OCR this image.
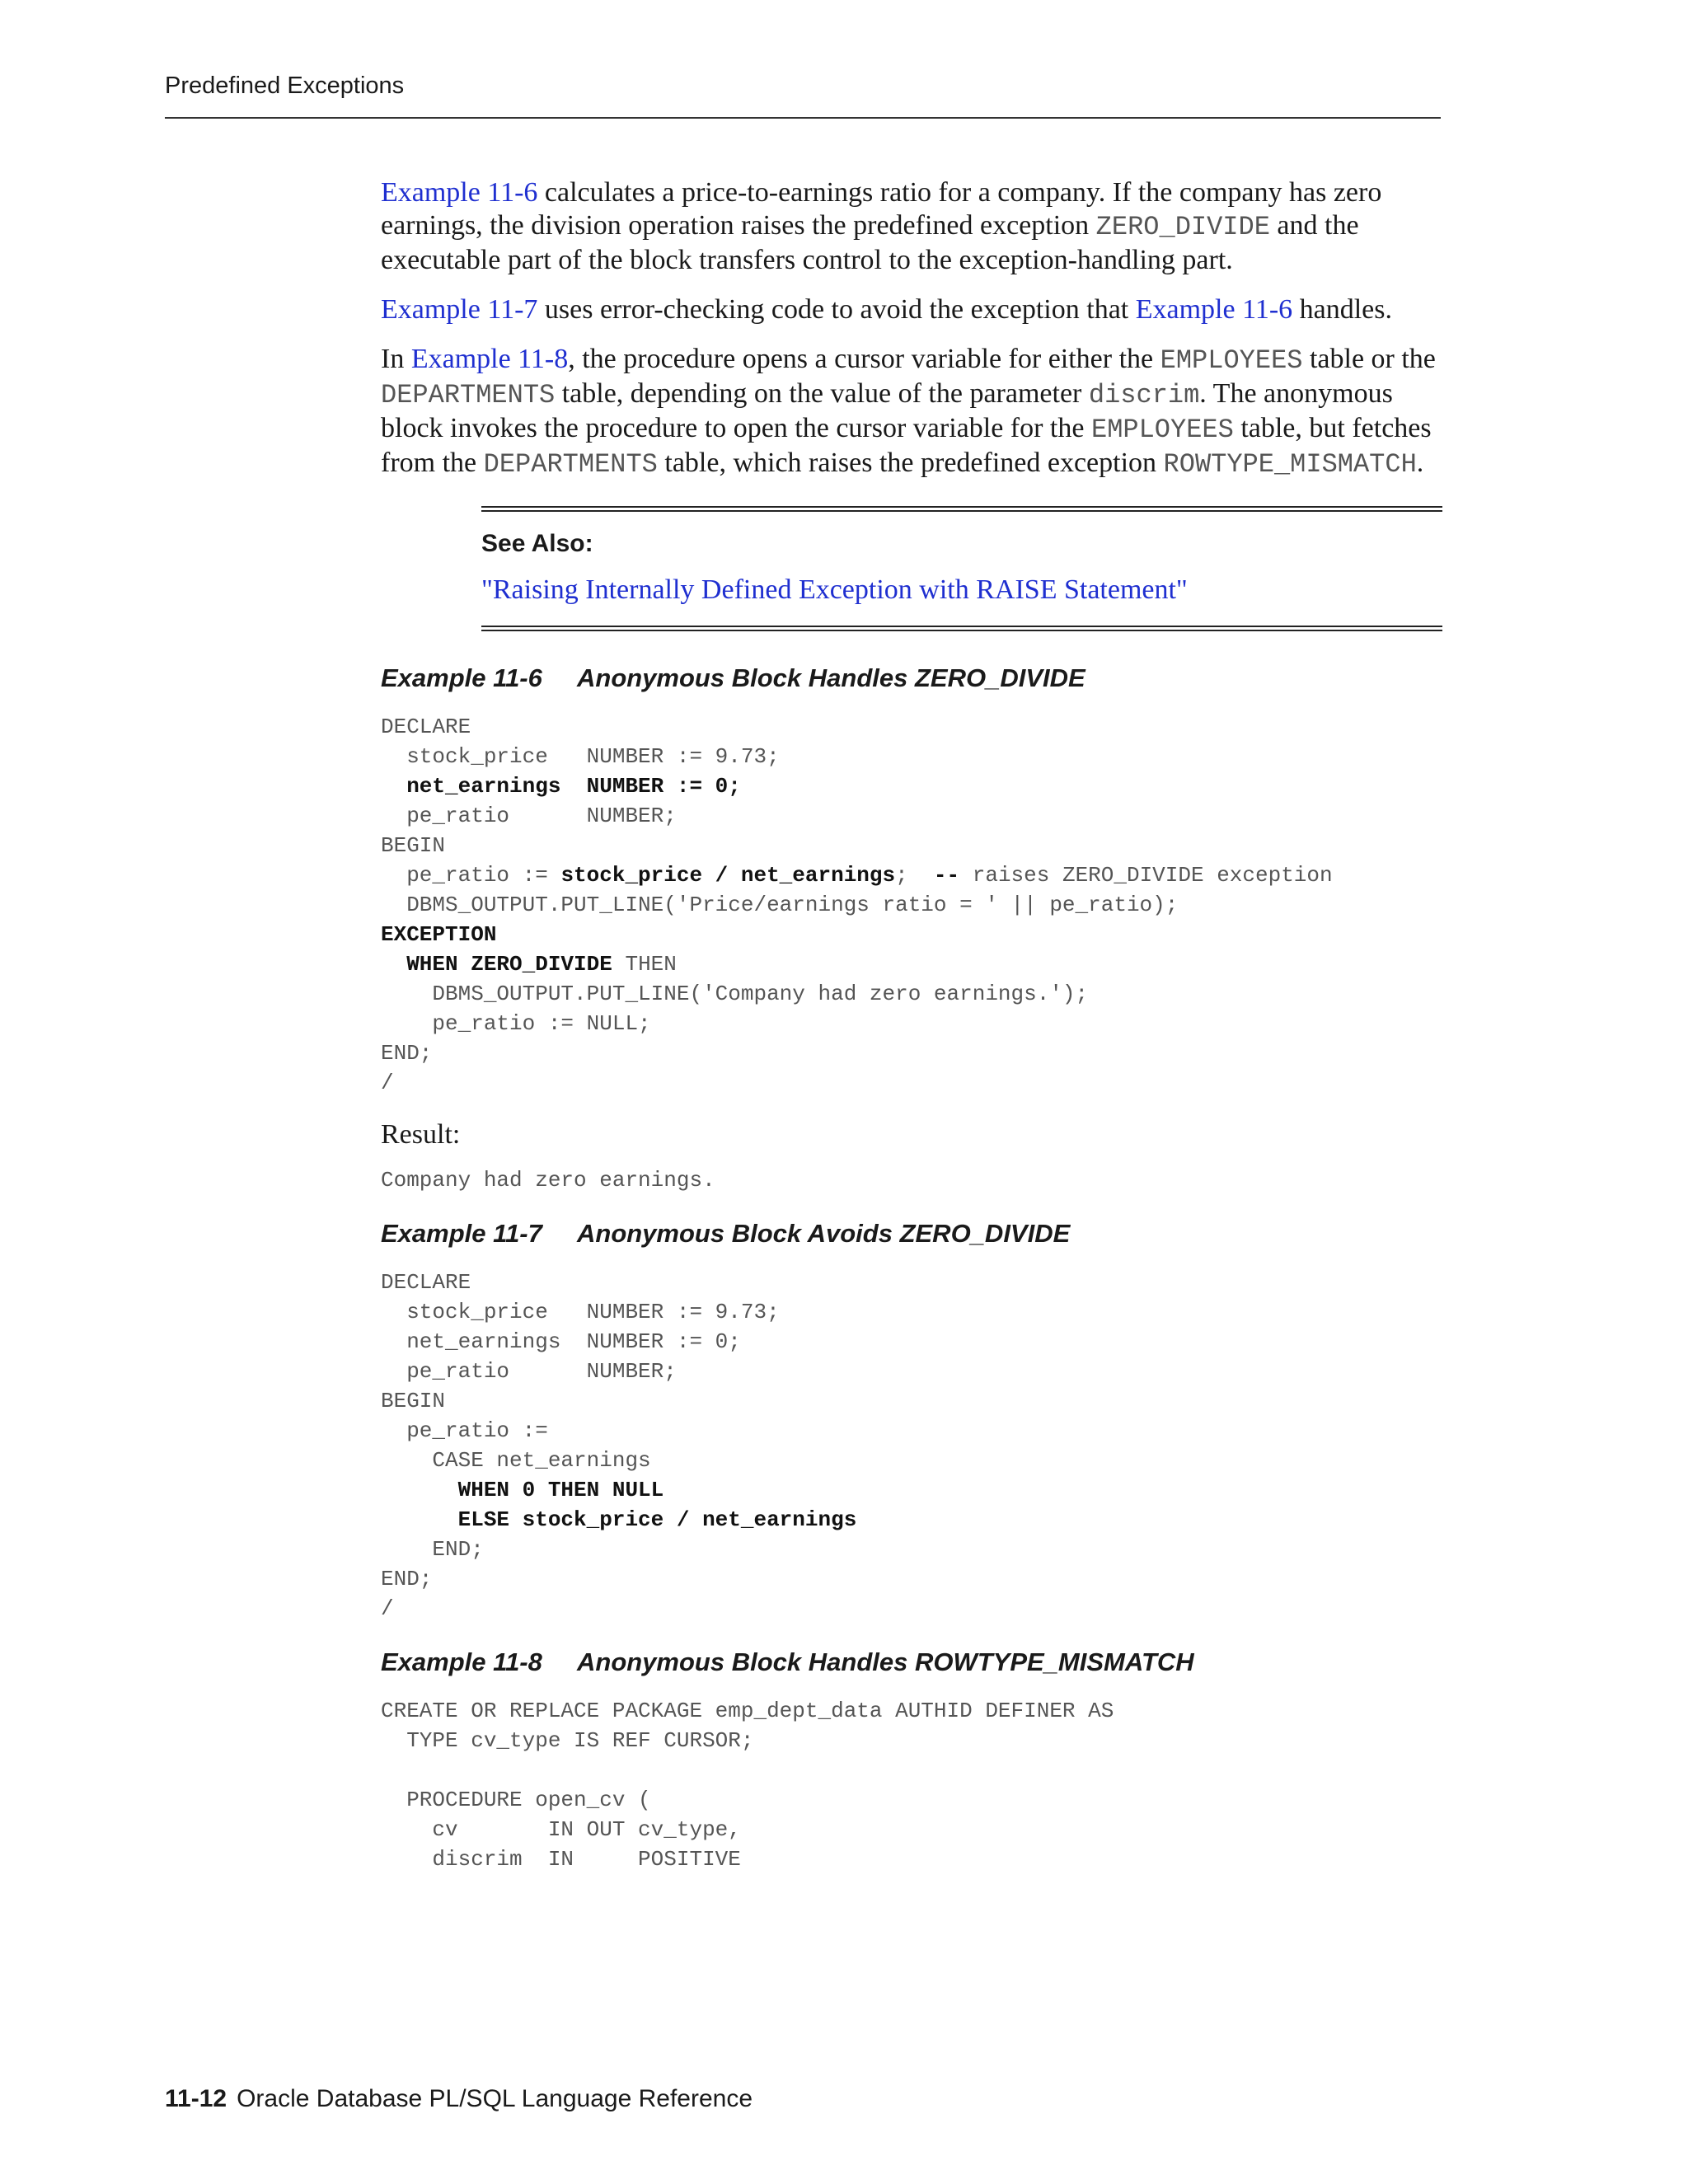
Predefined Exceptions

Example 11-6 calculates a price-to-earnings ratio for a company. If the company has zero earnings, the division operation raises the predefined exception ZERO_DIVIDE and the executable part of the block transfers control to the exception-handling part.

Example 11-7 uses error-checking code to avoid the exception that Example 11-6 handles.

In Example 11-8, the procedure opens a cursor variable for either the EMPLOYEES table or the DEPARTMENTS table, depending on the value of the parameter discrim. The anonymous block invokes the procedure to open the cursor variable for the EMPLOYEES table, but fetches from the DEPARTMENTS table, which raises the predefined exception ROWTYPE_MISMATCH.

See Also:
"Raising Internally Defined Exception with RAISE Statement"
Example 11-6 Anonymous Block Handles ZERO_DIVIDE
DECLARE
stock_price   NUMBER := 9.73;
net_earnings  NUMBER := 0;
pe_ratio      NUMBER;
BEGIN
pe_ratio := stock_price / net_earnings;  -- raises ZERO_DIVIDE exception
DBMS_OUTPUT.PUT_LINE('Price/earnings ratio = ' || pe_ratio);
EXCEPTION
WHEN ZERO_DIVIDE THEN
DBMS_OUTPUT.PUT_LINE('Company had zero earnings.');
pe_ratio := NULL;
END;
/

Result:

Company had zero earnings.
Example 11-7 Anonymous Block Avoids ZERO_DIVIDE
DECLARE
stock_price   NUMBER := 9.73;
net_earnings  NUMBER := 0;
pe_ratio      NUMBER;
BEGIN
pe_ratio :=
CASE net_earnings
WHEN 0 THEN NULL
ELSE stock_price / net_earnings
END;
END;
/
Example 11-8 Anonymous Block Handles ROWTYPE_MISMATCH
CREATE OR REPLACE PACKAGE emp_dept_data AUTHID DEFINER AS
TYPE cv_type IS REF CURSOR;

PROCEDURE open_cv (
cv       IN OUT cv_type,
discrim  IN     POSITIVE
11-12 Oracle Database PL/SQL Language Reference
